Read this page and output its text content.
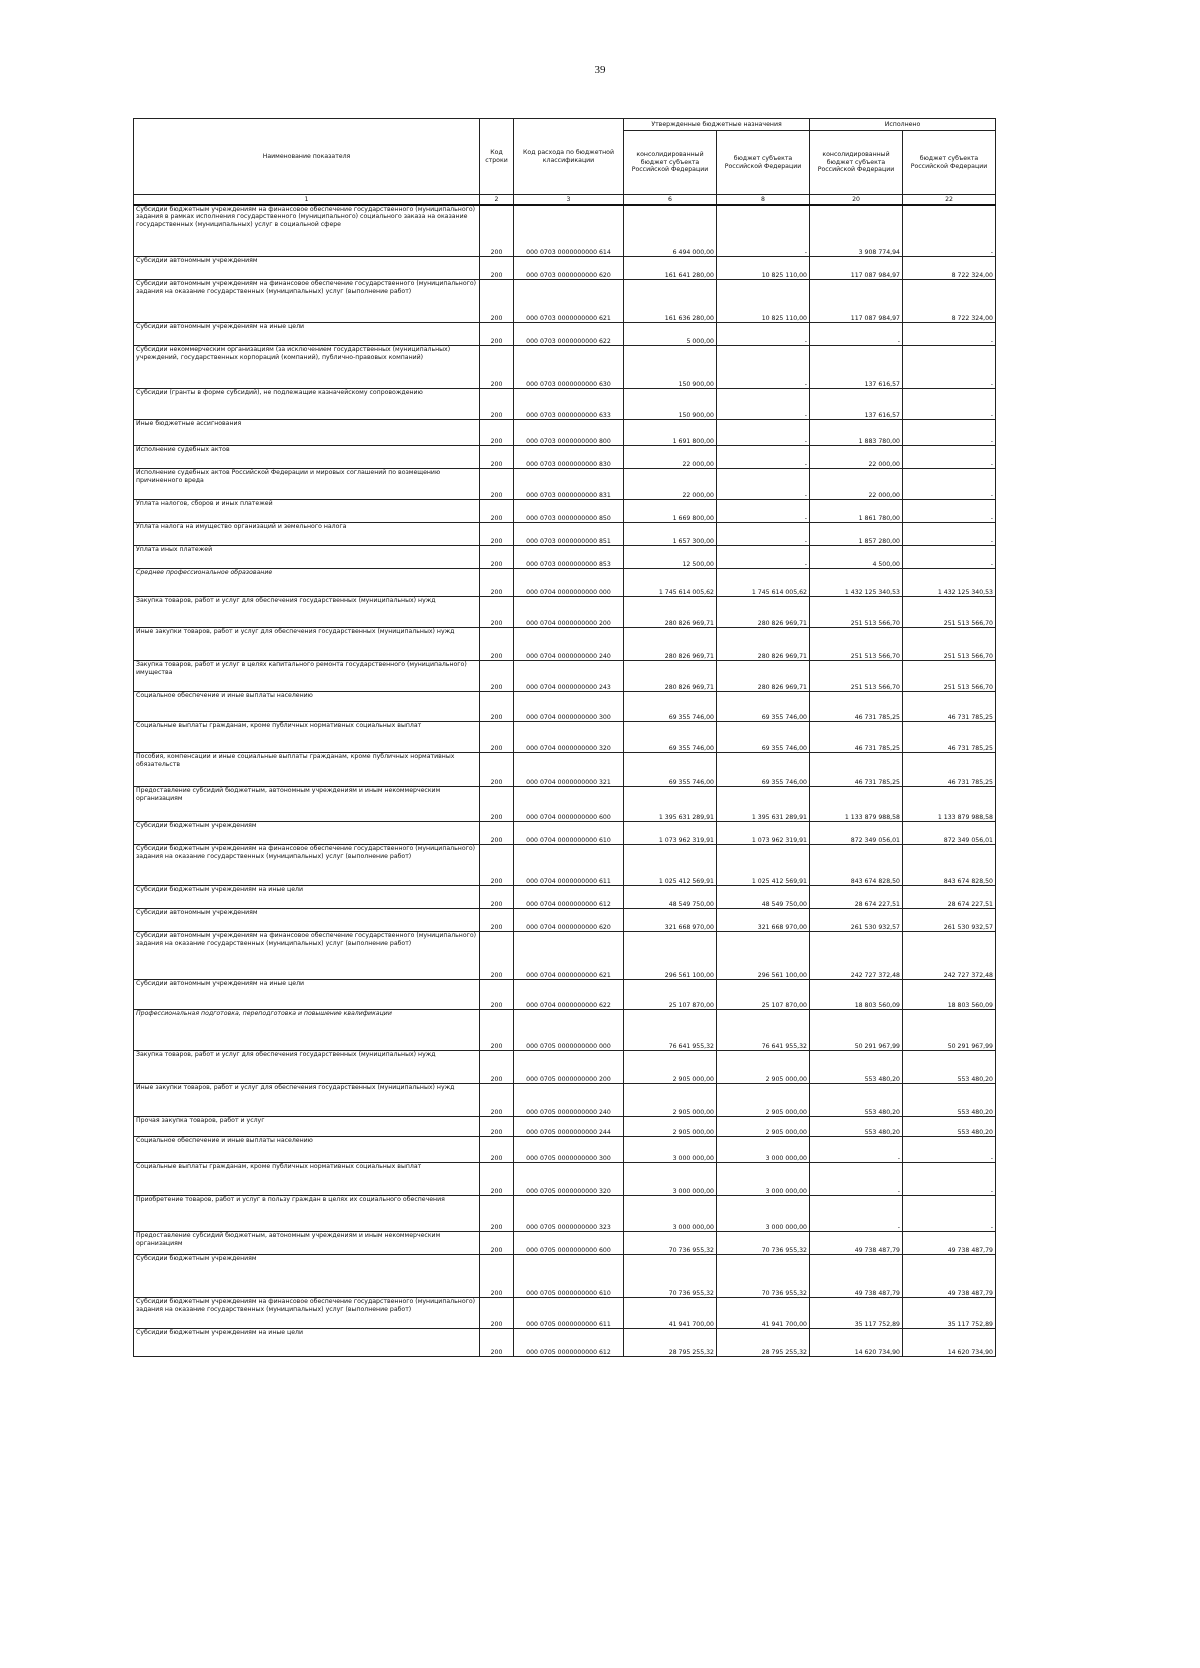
39
Наименование показателя	Код строки	Код расхода по бюджетной классификации	Утвержденные бюджетные назначения		Исполнено	
			консолидированный бюджет субъекта Российской Федерации	бюджет субъекта Российской Федерации	консолидированный бюджет субъекта Российской Федерации	бюджет субъекта Российской Федерации
1	2	3	6	8	20	22
Субсидии бюджетным учреждениям на финансовое обеспечение государственного (муниципального) задания в рамках исполнения государственного (муниципального) социального заказа на оказание государственных (муниципальных) услуг в социальной сфере	200	000 0703 0000000000 614	6 494 000,00	-	3 908 774,94	-
Субсидии автономным учреждениям	200	000 0703 0000000000 620	161 641 280,00	10 825 110,00	117 087 984,97	8 722 324,00
Субсидии автономным учреждениям на финансовое обеспечение государственного (муниципального) задания на оказание государственных (муниципальных) услуг (выполнение работ)	200	000 0703 0000000000 621	161 636 280,00	10 825 110,00	117 087 984,97	8 722 324,00
Субсидии автономным учреждениям на иные цели	200	000 0703 0000000000 622	5 000,00	-	-	-
Субсидии некоммерческим организациям (за исключением государственных (муниципальных) учреждений, государственных корпораций (компаний), публично-правовых компаний)	200	000 0703 0000000000 630	150 900,00	-	137 616,57	-
Субсидии (гранты в форме субсидий), не подлежащие казначейскому сопровождению	200	000 0703 0000000000 633	150 900,00	-	137 616,57	-
Иные бюджетные ассигнования	200	000 0703 0000000000 800	1 691 800,00	-	1 883 780,00	-
Исполнение судебных актов	200	000 0703 0000000000 830	22 000,00	-	22 000,00	-
Исполнение судебных актов Российской Федерации и мировых соглашений по возмещению причиненного вреда	200	000 0703 0000000000 831	22 000,00	-	22 000,00	-
Уплата налогов, сборов и иных платежей	200	000 0703 0000000000 850	1 669 800,00	-	1 861 780,00	-
Уплата налога на имущество организаций и земельного налога	200	000 0703 0000000000 851	1 657 300,00	-	1 857 280,00	-
Уплата иных платежей	200	000 0703 0000000000 853	12 500,00	-	4 500,00	-
Среднее профессиональное образование	200	000 0704 0000000000 000	1 745 614 005,62	1 745 614 005,62	1 432 125 340,53	1 432 125 340,53
Закупка товаров, работ и услуг для обеспечения государственных (муниципальных) нужд	200	000 0704 0000000000 200	280 826 969,71	280 826 969,71	251 513 566,70	251 513 566,70
Иные закупки товаров, работ и услуг для обеспечения государственных (муниципальных) нужд	200	000 0704 0000000000 240	280 826 969,71	280 826 969,71	251 513 566,70	251 513 566,70
Закупка товаров, работ и услуг в целях капитального ремонта государственного (муниципального) имущества	200	000 0704 0000000000 243	280 826 969,71	280 826 969,71	251 513 566,70	251 513 566,70
Социальное обеспечение и иные выплаты населению	200	000 0704 0000000000 300	69 355 746,00	69 355 746,00	46 731 785,25	46 731 785,25
Социальные выплаты гражданам, кроме публичных нормативных социальных выплат	200	000 0704 0000000000 320	69 355 746,00	69 355 746,00	46 731 785,25	46 731 785,25
Пособия, компенсации и иные социальные выплаты гражданам, кроме публичных нормативных обязательств	200	000 0704 0000000000 321	69 355 746,00	69 355 746,00	46 731 785,25	46 731 785,25
Предоставление субсидий бюджетным, автономным учреждениям и иным некоммерческим организациям	200	000 0704 0000000000 600	1 395 631 289,91	1 395 631 289,91	1 133 879 988,58	1 133 879 988,58
Субсидии бюджетным учреждениям	200	000 0704 0000000000 610	1 073 962 319,91	1 073 962 319,91	872 349 056,01	872 349 056,01
Субсидии бюджетным учреждениям на финансовое обеспечение государственного (муниципального) задания на оказание государственных (муниципальных) услуг (выполнение работ)	200	000 0704 0000000000 611	1 025 412 569,91	1 025 412 569,91	843 674 828,50	843 674 828,50
Субсидии бюджетным учреждениям на иные цели	200	000 0704 0000000000 612	48 549 750,00	48 549 750,00	28 674 227,51	28 674 227,51
Субсидии автономным учреждениям	200	000 0704 0000000000 620	321 668 970,00	321 668 970,00	261 530 932,57	261 530 932,57
Субсидии автономным учреждениям на финансовое обеспечение государственного (муниципального) задания на оказание государственных (муниципальных) услуг (выполнение работ)	200	000 0704 0000000000 621	296 561 100,00	296 561 100,00	242 727 372,48	242 727 372,48
Субсидии автономным учреждениям на иные цели	200	000 0704 0000000000 622	25 107 870,00	25 107 870,00	18 803 560,09	18 803 560,09
Профессиональная подготовка, переподготовка и повышение квалификации	200	000 0705 0000000000 000	76 641 955,32	76 641 955,32	50 291 967,99	50 291 967,99
Закупка товаров, работ и услуг для обеспечения государственных (муниципальных) нужд	200	000 0705 0000000000 200	2 905 000,00	2 905 000,00	553 480,20	553 480,20
Иные закупки товаров, работ и услуг для обеспечения государственных (муниципальных) нужд	200	000 0705 0000000000 240	2 905 000,00	2 905 000,00	553 480,20	553 480,20
Прочая закупка товаров, работ и услуг	200	000 0705 0000000000 244	2 905 000,00	2 905 000,00	553 480,20	553 480,20
Социальное обеспечение и иные выплаты населению	200	000 0705 0000000000 300	3 000 000,00	3 000 000,00	-	-
Социальные выплаты гражданам, кроме публичных нормативных социальных выплат	200	000 0705 0000000000 320	3 000 000,00	3 000 000,00	-	-
Приобретение товаров, работ и услуг в пользу граждан в целях их социального обеспечения	200	000 0705 0000000000 323	3 000 000,00	3 000 000,00	-	-
Предоставление субсидий бюджетным, автономным учреждениям и иным некоммерческим организациям	200	000 0705 0000000000 600	70 736 955,32	70 736 955,32	49 738 487,79	49 738 487,79
Субсидии бюджетным учреждениям	200	000 0705 0000000000 610	70 736 955,32	70 736 955,32	49 738 487,79	49 738 487,79
Субсидии бюджетным учреждениям на финансовое обеспечение государственного (муниципального) задания на оказание государственных (муниципальных) услуг (выполнение работ)	200	000 0705 0000000000 611	41 941 700,00	41 941 700,00	35 117 752,89	35 117 752,89
Субсидии бюджетным учреждениям на иные цели	200	000 0705 0000000000 612	28 795 255,32	28 795 255,32	14 620 734,90	14 620 734,90
